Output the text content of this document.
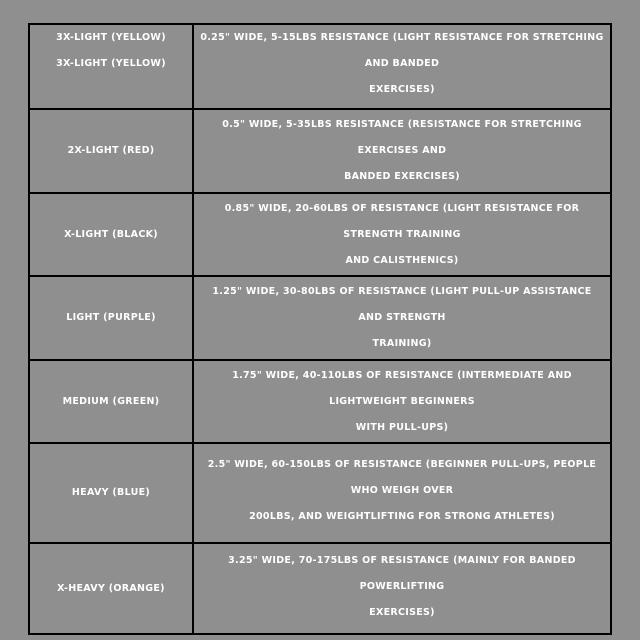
3X-LIGHT (YELLOW)
3X-LIGHT (YELLOW)	0.25" WIDE, 5-15LBS RESISTANCE (LIGHT RESISTANCE FOR STRETCHING AND BANDED
EXERCISES)

2X-LIGHT (RED)	0.5" WIDE, 5-35LBS RESISTANCE (RESISTANCE FOR STRETCHING EXERCISES AND
BANDED EXERCISES)

X-LIGHT (BLACK)	0.85" WIDE, 20-60LBS OF RESISTANCE (LIGHT RESISTANCE FOR STRENGTH TRAINING
AND CALISTHENICS)

LIGHT (PURPLE)	1.25" WIDE, 30-80LBS OF RESISTANCE (LIGHT PULL-UP ASSISTANCE AND STRENGTH
TRAINING)

MEDIUM (GREEN)	1.75" WIDE, 40-110LBS OF RESISTANCE (INTERMEDIATE AND LIGHTWEIGHT BEGINNERS
WITH PULL-UPS)

HEAVY (BLUE)	2.5" WIDE, 60-150LBS OF RESISTANCE (BEGINNER PULL-UPS, PEOPLE WHO WEIGH OVER
200LBS, AND WEIGHTLIFTING FOR STRONG ATHLETES)

X-HEAVY (ORANGE)	3.25" WIDE, 70-175LBS OF RESISTANCE (MAINLY FOR BANDED POWERLIFTING
EXERCISES)
